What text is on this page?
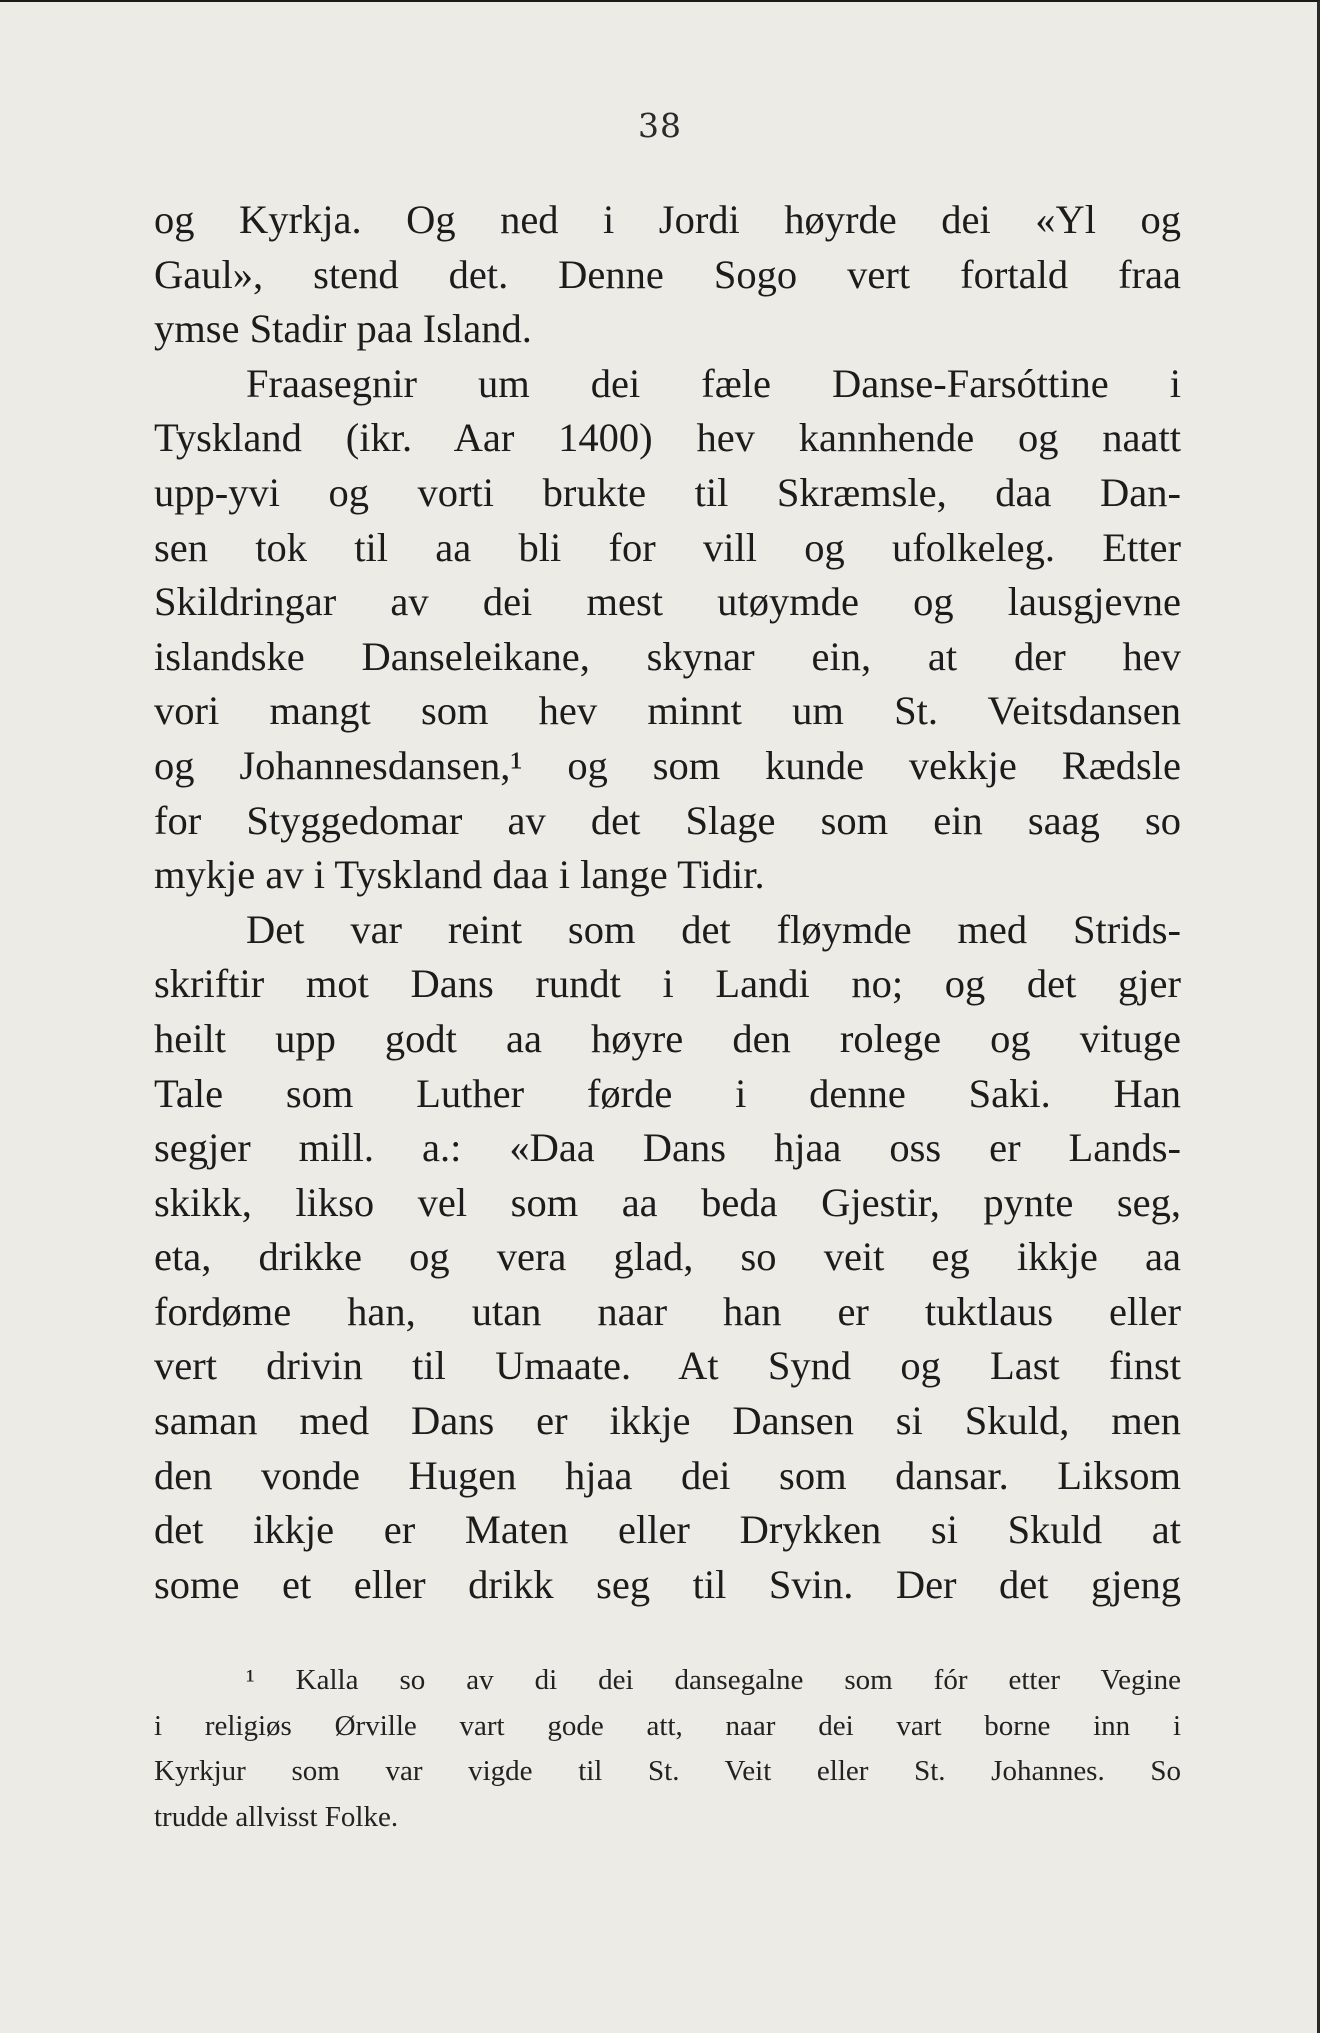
38
og Kyrkja. Og ned i Jordi høyrde dei «Yl og
Gaul», stend det. Denne Sogo vert fortald fraa
ymse Stadir paa Island.
Fraasegnir um dei fæle Danse-Farsóttine i
Tyskland (ikr. Aar 1400) hev kannhende og naatt
upp-yvi og vorti brukte til Skræmsle, daa Dan-
sen tok til aa bli for vill og ufolkeleg. Etter
Skildringar av dei mest utøymde og lausgjevne
islandske Danseleikane, skynar ein, at der hev
vori mangt som hev minnt um St. Veitsdansen
og Johannesdansen,¹ og som kunde vekkje Rædsle
for Styggedomar av det Slage som ein saag so
mykje av i Tyskland daa i lange Tidir.
Det var reint som det fløymde med Strids-
skriftir mot Dans rundt i Landi no; og det gjer
heilt upp godt aa høyre den rolege og vituge
Tale som Luther førde i denne Saki. Han
segjer mill. a.: «Daa Dans hjaa oss er Lands-
skikk, likso vel som aa beda Gjestir, pynte seg,
eta, drikke og vera glad, so veit eg ikkje aa
fordøme han, utan naar han er tuktlaus eller
vert drivin til Umaate. At Synd og Last finst
saman med Dans er ikkje Dansen si Skuld, men
den vonde Hugen hjaa dei som dansar. Liksom
det ikkje er Maten eller Drykken si Skuld at
some et eller drikk seg til Svin. Der det gjeng
¹ Kalla so av di dei dansegalne som fór etter Vegine
i religiøs Ørville vart gode att, naar dei vart borne inn i
Kyrkjur som var vigde til St. Veit eller St. Johannes. So
trudde allvisst Folke.
